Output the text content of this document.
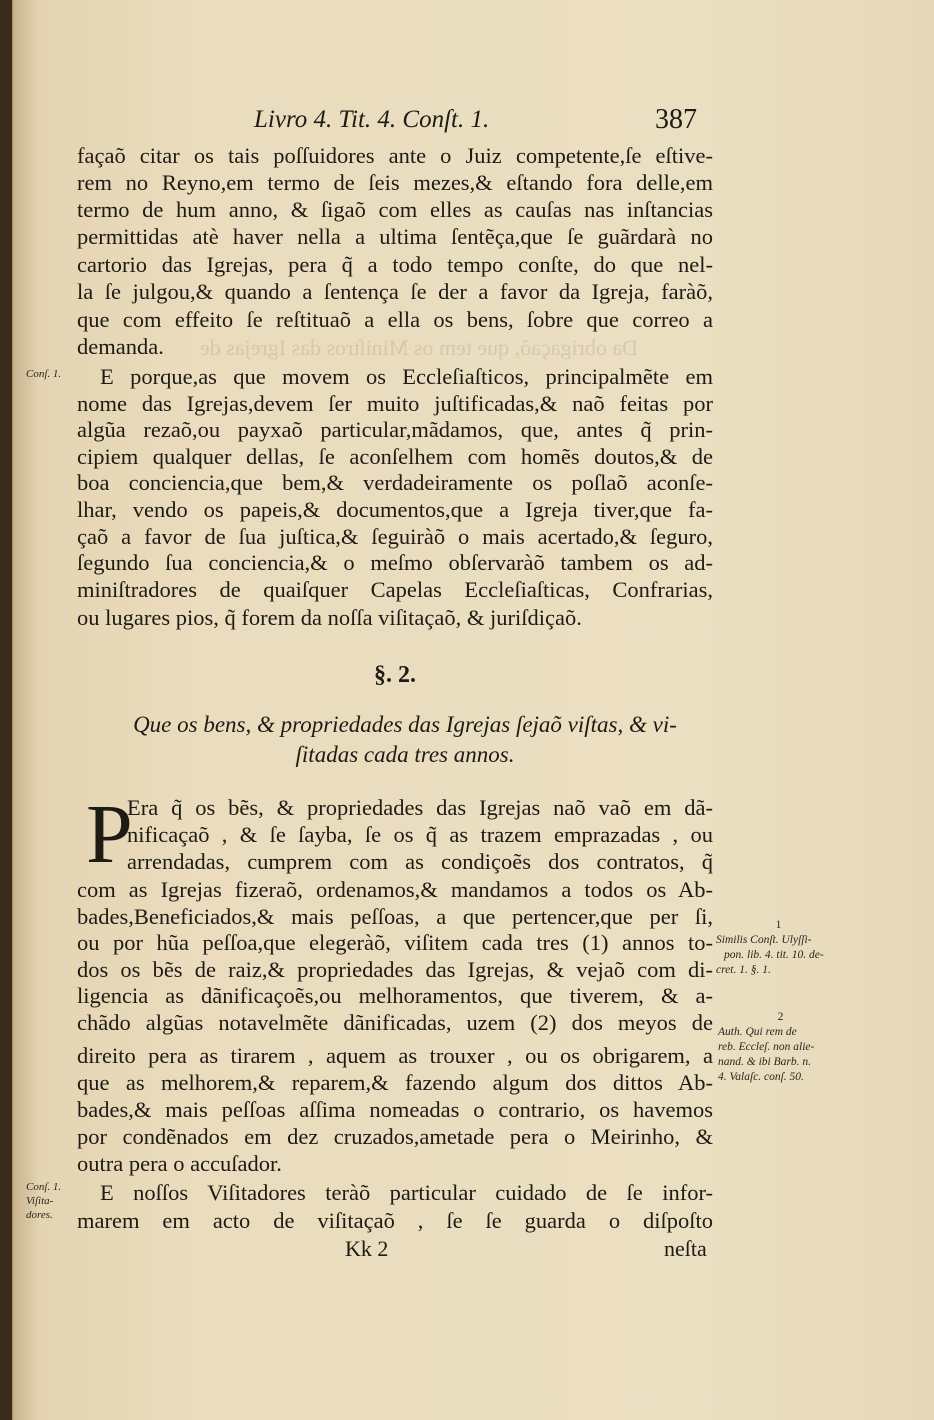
Da obrigaçaõ, que tem os Miniſtros das Igrejas de
Livro 4. Tit. 4. Conſt. 1.	387
façaõ citar os tais poſſuidores ante o Juiz competente,ſe eſtive-
rem no Reyno,em termo de ſeis mezes,& eſtando fora delle,em
termo de hum anno, & ſigaõ com elles as cauſas nas inſtancias
permittidas atè haver nella a ultima ſentẽça,que ſe guãrdarà no
cartorio das Igrejas, pera q̃ a todo tempo conſte, do que nel-
la ſe julgou,& quando a ſentença ſe der a favor da Igreja, faràõ,
que com effeito ſe reſtituaõ a ella os bens, ſobre que correo a
demanda.
E porque,as que movem os Eccleſiaſticos, principalmẽte em
nome das Igrejas,devem ſer muito juſtificadas,& naõ feitas por
algũa rezaõ,ou payxaõ particular,mãdamos, que, antes q̃ prin-
cipiem qualquer dellas, ſe aconſelhem com homẽs doutos,& de
boa conciencia,que bem,& verdadeiramente os poſlaõ aconſe-
lhar, vendo os papeis,& documentos,que a Igreja tiver,que fa-
çaõ a favor de ſua juſtica,& ſeguiràõ o mais acertado,& ſeguro,
ſegundo ſua conciencia,& o meſmo obſervaràõ tambem os ad-
miniſtradores de quaiſquer Capelas Eccleſiaſticas, Confrarias,
ou lugares pios, q̃ forem da noſſa viſitaçaõ, & juriſdiçaõ.
§. 2.
Que os bens, & propriedades das Igrejas ſejaõ viſtas, & vi-
ſitadas cada tres annos.
P
Era q̃ os bẽs, & propriedades das Igrejas naõ vaõ em dã-
nificaçaõ , & ſe ſayba, ſe os q̃ as trazem emprazadas , ou
arrendadas, cumprem com as condiçoẽs dos contratos, q̃
com as Igrejas fizeraõ, ordenamos,& mandamos a todos os Ab-
bades,Beneficiados,& mais peſſoas, a que pertencer,que per ſi,
ou por hũa peſſoa,que elegeràõ, viſitem cada tres (1) annos to-
dos os bẽs de raiz,& propriedades das Igrejas, & vejaõ com di-
ligencia as dãnificaçoẽs,ou melhoramentos, que tiverem, & a-
chãdo algũas notavelmẽte dãnificadas, uzem (2) dos meyos de
direito pera as tirarem , aquem as trouxer , ou os obrigarem, a
que as melhorem,& reparem,& fazendo algum dos dittos Ab-
bades,& mais peſſoas aſſima nomeadas o contrario, os havemos
por condẽnados em dez cruzados,ametade pera o Meirinho, &
outra pera o accuſador.
E noſſos Viſitadores teràõ particular cuidado de ſe infor-
marem em acto de viſitaçaõ , ſe ſe guarda o diſpoſto
Kk 2	neſta
Conſ. 1.
Conſ. 1.
Viſita-
dores.
1
Similis Conſt. Ulyſſi-
pon. lib. 4. tit. 10. de-
cret. 1. §. 1.
2
Auth. Qui rem de
reb. Eccleſ. non alie-
nand. & ibi Barb. n.
4. Valaſc. conſ. 50.
